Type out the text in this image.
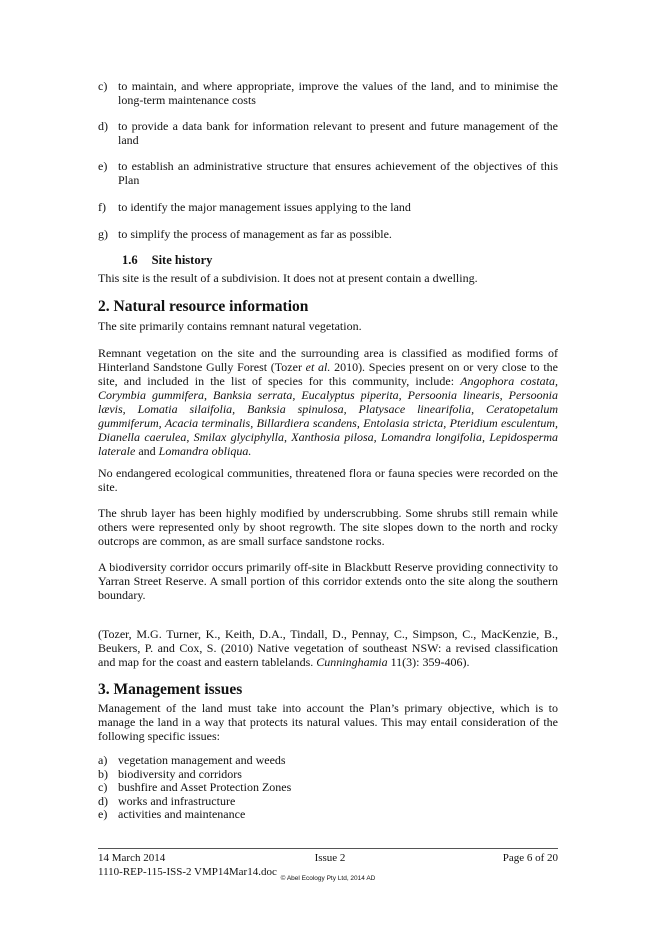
c) to maintain, and where appropriate, improve the values of the land, and to minimise the long-term maintenance costs
d) to provide a data bank for information relevant to present and future management of the land
e) to establish an administrative structure that ensures achievement of the objectives of this Plan
f)	to identify the major management issues applying to the land
g) to simplify the process of management as far as possible.
1.6 Site history
This site is the result of a subdivision. It does not at present contain a dwelling.
2. Natural resource information
The site primarily contains remnant natural vegetation.
Remnant vegetation on the site and the surrounding area is classified as modified forms of Hinterland Sandstone Gully Forest (Tozer et al. 2010). Species present on or very close to the site, and included in the list of species for this community, include: Angophora costata, Corymbia gummifera, Banksia serrata, Eucalyptus piperita, Persoonia linearis, Persoonia lævis, Lomatia silaifolia, Banksia spinulosa, Platysace linearifolia, Ceratopetalum gummiferum, Acacia terminalis, Billardiera scandens, Entolasia stricta, Pteridium esculentum, Dianella caerulea, Smilax glyciphylla, Xanthosia pilosa, Lomandra longifolia, Lepidosperma laterale and Lomandra obliqua.
No endangered ecological communities, threatened flora or fauna species were recorded on the site.
The shrub layer has been highly modified by underscrubbing. Some shrubs still remain while others were represented only by shoot regrowth. The site slopes down to the north and rocky outcrops are common, as are small surface sandstone rocks.
A biodiversity corridor occurs primarily off-site in Blackbutt Reserve providing connectivity to Yarran Street Reserve. A small portion of this corridor extends onto the site along the southern boundary.
(Tozer, M.G. Turner, K., Keith, D.A., Tindall, D., Pennay, C., Simpson, C., MacKenzie, B., Beukers, P. and Cox, S. (2010) Native vegetation of southeast NSW: a revised classification and map for the coast and eastern tablelands. Cunninghamia 11(3): 359-406).
3. Management issues
Management of the land must take into account the Plan’s primary objective, which is to manage the land in a way that protects its natural values. This may entail consideration of the following specific issues:
a) vegetation management and weeds
b) biodiversity and corridors
c) bushfire and Asset Protection Zones
d) works and infrastructure
e) activities and maintenance
14 March 2014	Issue 2	Page 6 of 20
1110-REP-115-ISS-2 VMP14Mar14.doc
© Abel Ecology Pty Ltd, 2014 AD
